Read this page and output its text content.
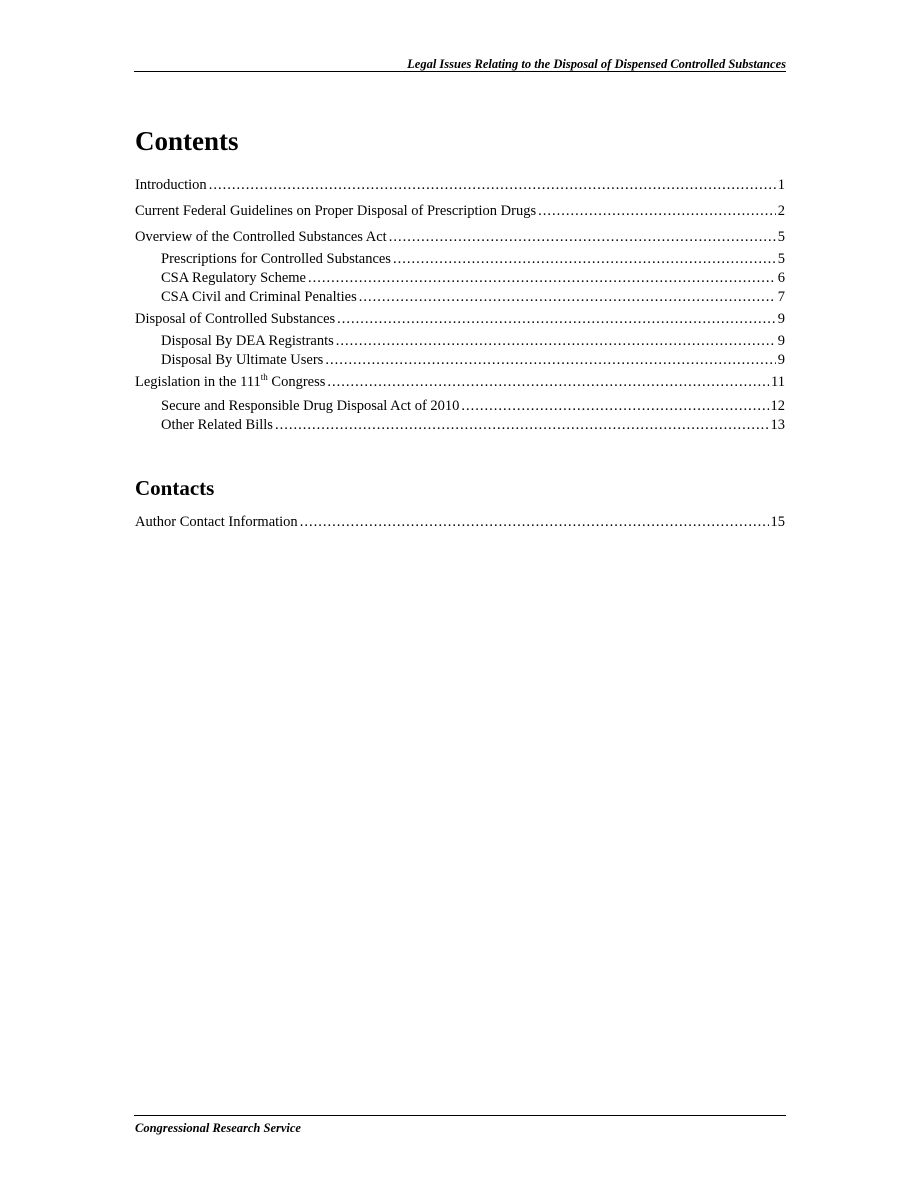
Legal Issues Relating to the Disposal of Dispensed Controlled Substances
Contents
Introduction .....	1
Current Federal Guidelines on Proper Disposal of Prescription Drugs .....	2
Overview of the Controlled Substances Act .....	5
Prescriptions for Controlled Substances .....	5
CSA Regulatory Scheme .....	6
CSA Civil and Criminal Penalties .....	7
Disposal of Controlled Substances .....	9
Disposal By DEA Registrants .....	9
Disposal By Ultimate Users .....	9
Legislation in the 111th Congress .....	11
Secure and Responsible Drug Disposal Act of 2010 .....	12
Other Related Bills .....	13
Contacts
Author Contact Information .....	15
Congressional Research Service
